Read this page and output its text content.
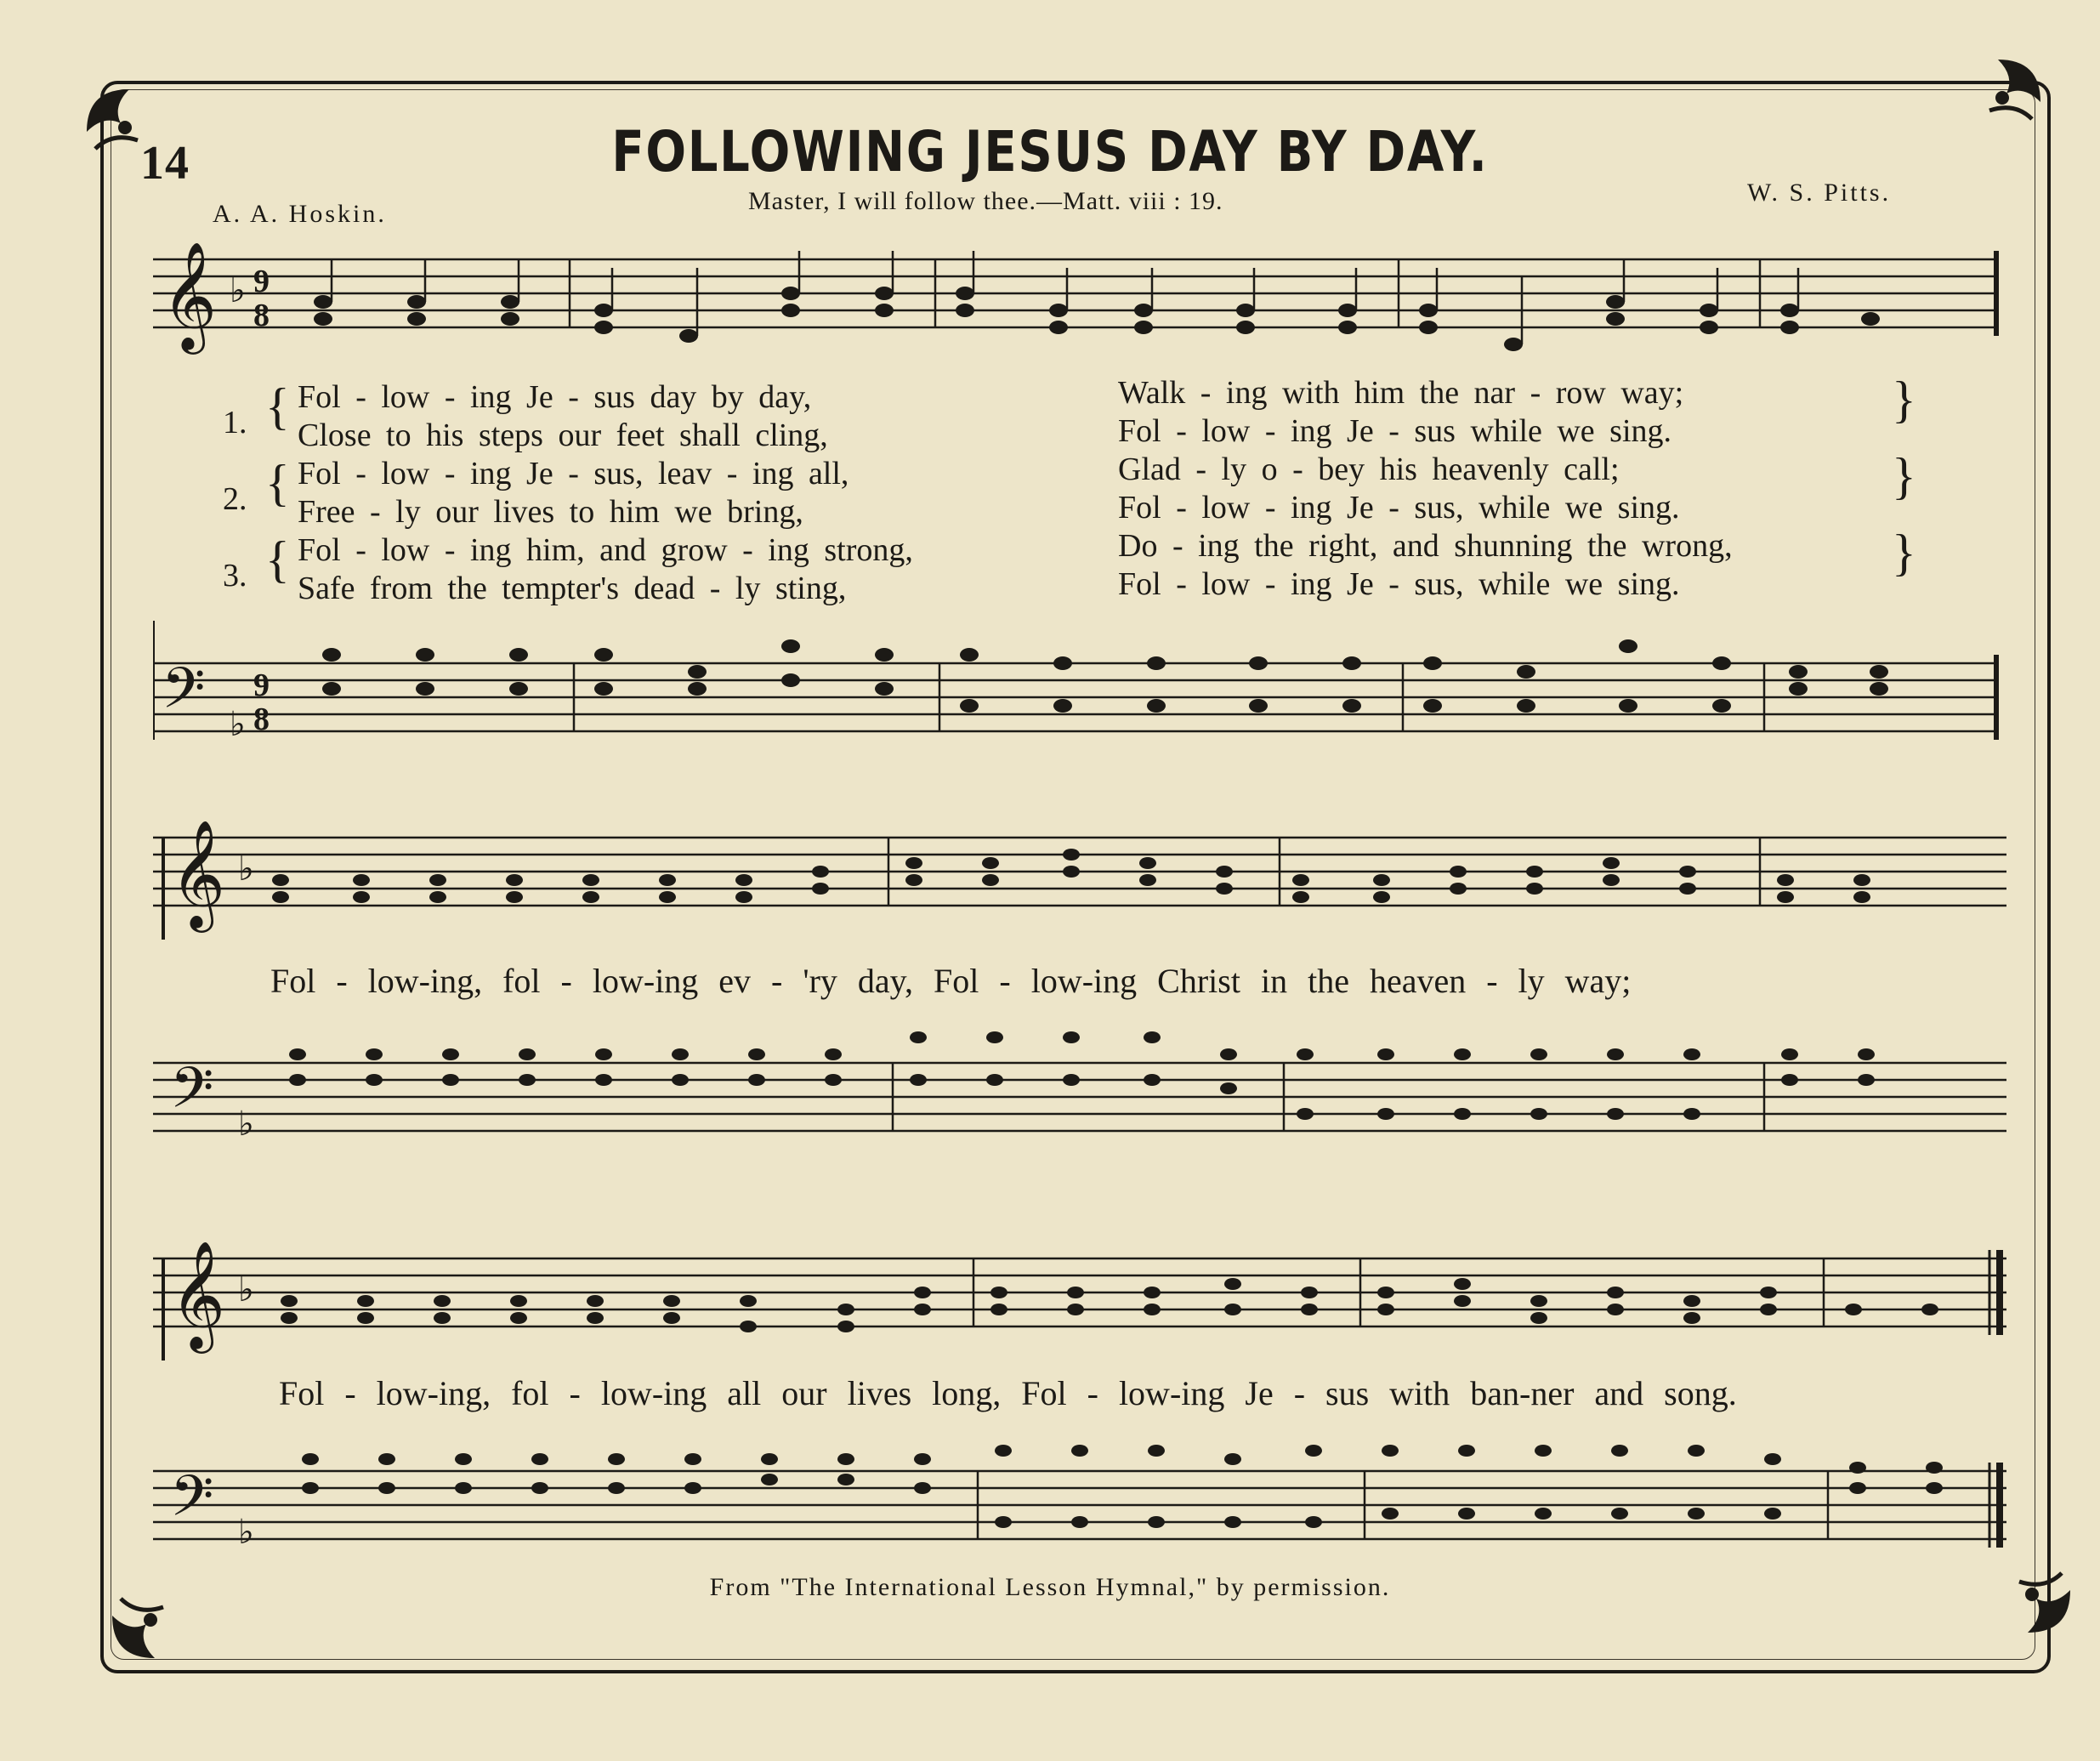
14	FOLLOWING JESUS DAY BY DAY.
A. A. Hoskin.	Master, I will follow thee.—Matt. viii : 19.	W. S. Pitts.
𝄞 ♭ 9
8
1.
2.
3.
{
{
{
Fol - low - ing Je - sus day by day,
Close to his steps our feet shall cling,
Fol - low - ing Je - sus, leav - ing all,
Free - ly our lives to him we bring,
Fol - low - ing him, and grow - ing strong,
Safe from the tempter's dead - ly sting,
Walk - ing with him the nar - row way;
Fol - low - ing Je - sus while we sing.
Glad - ly o - bey his heavenly call;
Fol - low - ing Je - sus, while we sing.
Do - ing the right, and shunning the wrong,
Fol - low - ing Je - sus, while we sing.
}
}
}
𝄢 ♭
9
8
𝄞 ♭
Fol - low-ing, fol - low-ing ev - 'ry day, Fol - low-ing Christ in the heaven - ly way;
𝄢 ♭
𝄞 ♭
Fol - low-ing, fol - low-ing all our lives long, Fol - low-ing Je - sus with ban-ner and song.
𝄢 ♭
From "The International Lesson Hymnal," by permission.
